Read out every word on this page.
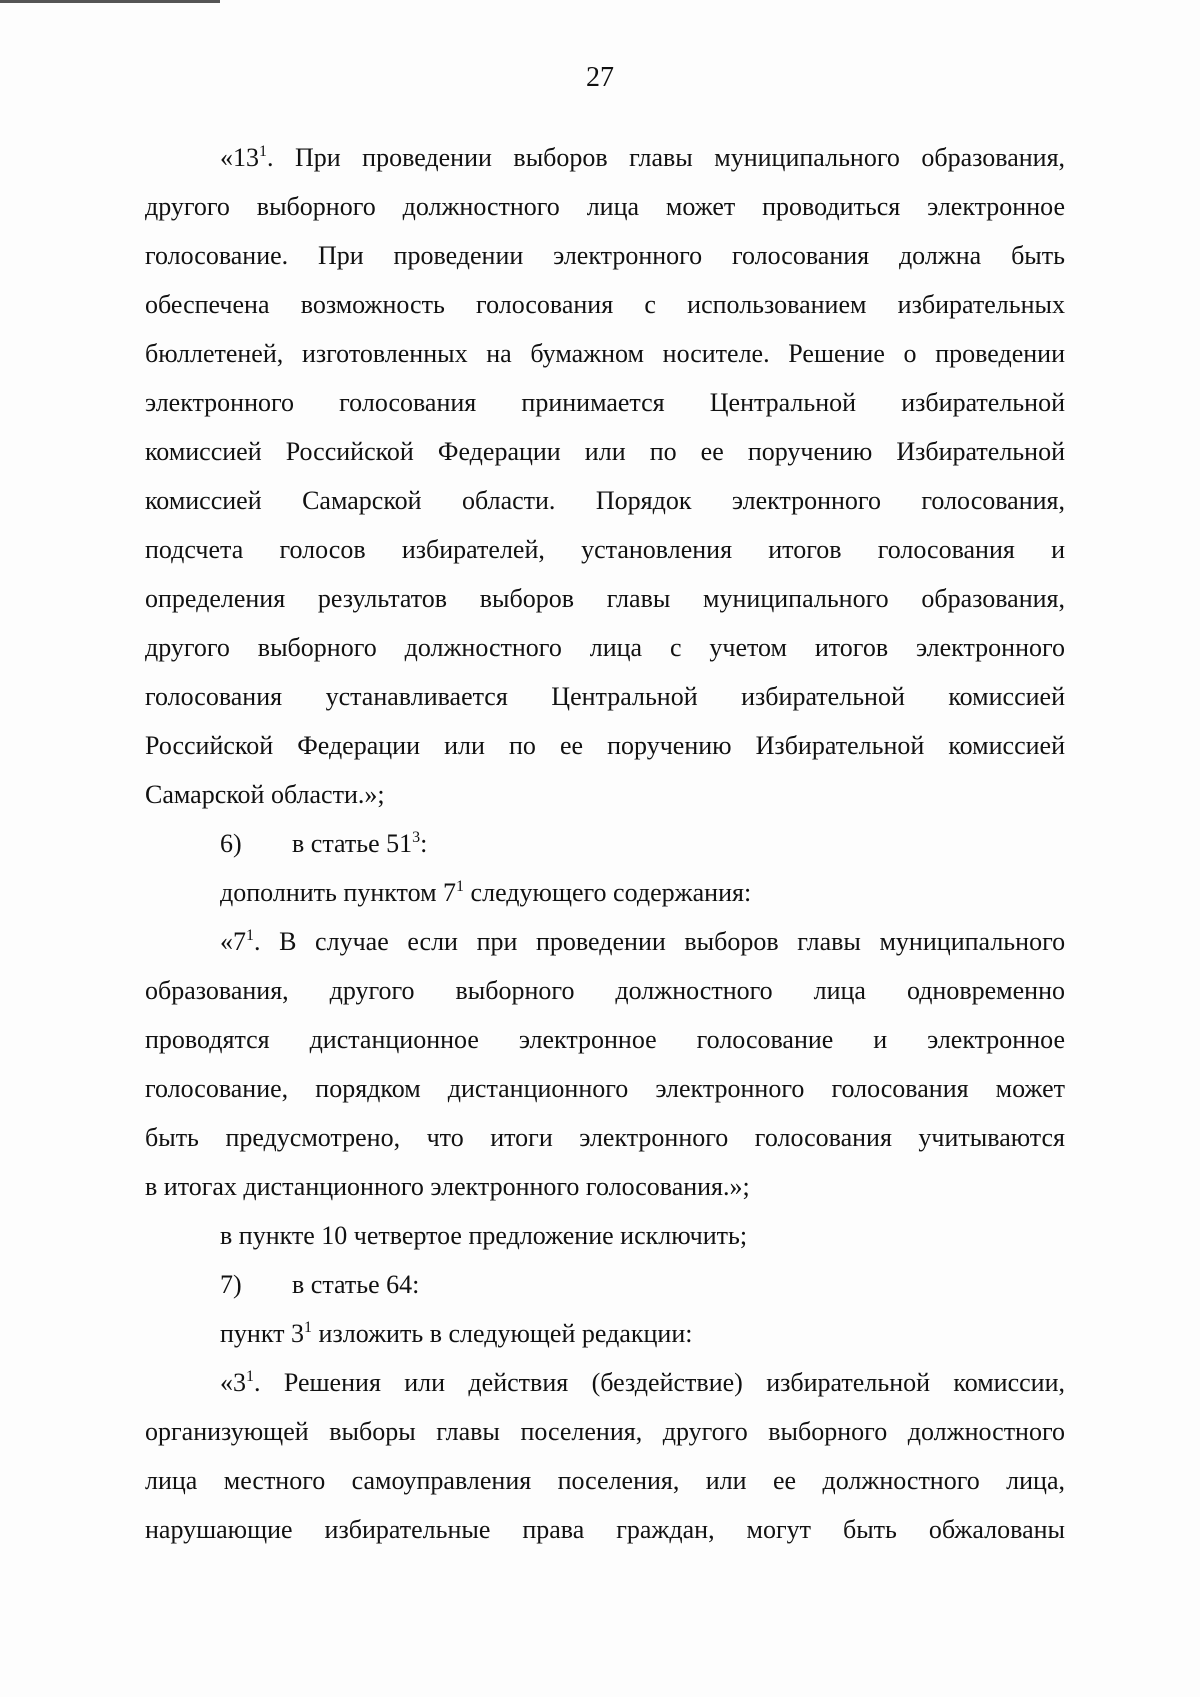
27
«$13^1$. При проведении выборов главы муниципального образования,
другого выборного должностного лица может проводиться электронное
голосование. При проведении электронного голосования должна быть
обеспечена возможность голосования с использованием избирательных
бюллетеней, изготовленных на бумажном носителе. Решение о проведении
электронного голосования принимается Центральной избирательной
комиссией Российской Федерации или по ее поручению Избирательной
комиссией Самарской области. Порядок электронного голосования,
подсчета голосов избирателей, установления итогов голосования и
определения результатов выборов главы муниципального образования,
другого выборного должностного лица с учетом итогов электронного
голосования устанавливается Центральной избирательной комиссией
Российской Федерации или по ее поручению Избирательной комиссией
Самарской области.»;
6) в статье $51^3$:
дополнить пунктом $7^1$ следующего содержания:
«$7^1$. В случае если при проведении выборов главы муниципального
образования, другого выборного должностного лица одновременно
проводятся дистанционное электронное голосование и электронное
голосование, порядком дистанционного электронного голосования может
быть предусмотрено, что итоги электронного голосования учитываются
в итогах дистанционного электронного голосования.»;
в пункте 10 четвертое предложение исключить;
7) в статье 64:
пункт $3^1$ изложить в следующей редакции:
«$3^1$. Решения или действия (бездействие) избирательной комиссии,
организующей выборы главы поселения, другого выборного должностного
лица местного самоуправления поселения, или ее должностного лица,
нарушающие избирательные права граждан, могут быть обжалованы
